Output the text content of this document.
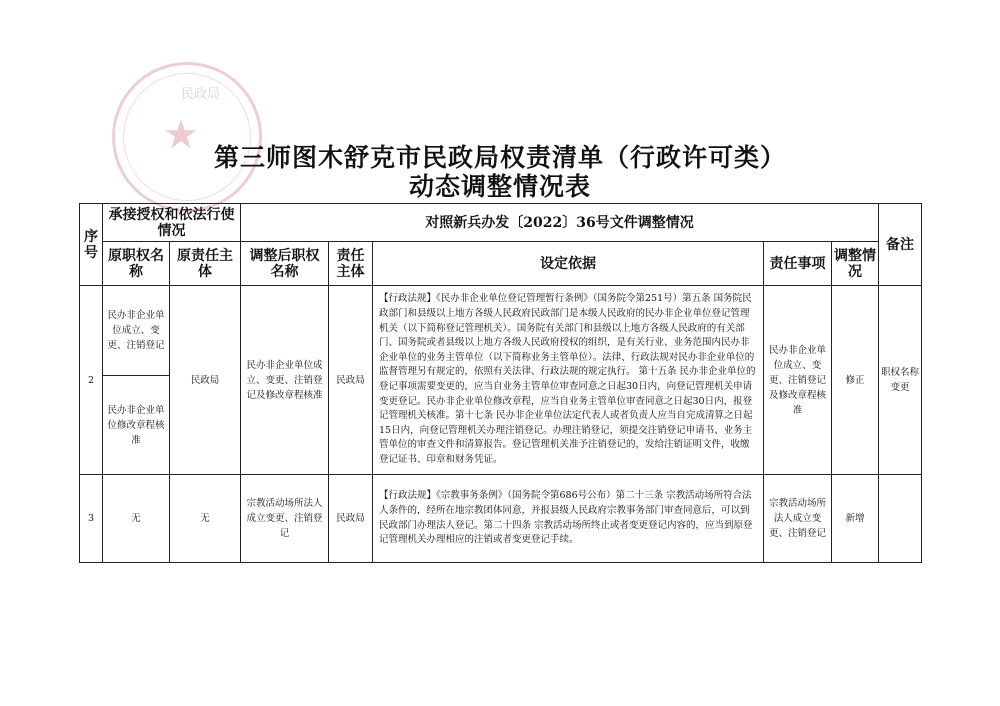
民政局
★ 第三师图木舒克市民政局权责清单（行政许可类）
动态调整情况表
序号	承接授权和依法行使情况		对照新兵办发〔2022〕36号文件调整情况					备注
	原职权名称	原责任主体	调整后职权名称	责任主体	设定依据	责任事项	调整情况	
2	民办非企业单位成立、变更、注销登记	民政局	民办非企业单位成立、变更、注销登记及修改章程核准	民政局	【行政法规】《民办非企业单位登记管理暂行条例》（国务院令第251号）第五条 国务院民政部门和县级以上地方各级人民政府民政部门是本级人民政府的民办非企业单位登记管理机关（以下简称登记管理机关）。国务院有关部门和县级以上地方各级人民政府的有关部门、国务院或者县级以上地方各级人民政府授权的组织，是有关行业、业务范围内民办非企业单位的业务主管单位（以下简称业务主管单位）。法律、行政法规对民办非企业单位的监督管理另有规定的，依照有关法律、行政法规的规定执行。 第十五条 民办非企业单位的登记事项需要变更的，应当自业务主管单位审查同意之日起30日内，向登记管理机关申请变更登记。民办非企业单位修改章程，应当自业务主管单位审查同意之日起30日内，报登记管理机关核准。第十七条 民办非企业单位法定代表人或者负责人应当自完成清算之日起15日内，向登记管理机关办理注销登记。办理注销登记，须提交注销登记申请书、业务主管单位的审查文件和清算报告。登记管理机关准予注销登记的，发给注销证明文件，收缴登记证书、印章和财务凭证。	民办非企业单位成立、变更、注销登记及修改章程核准	修正	职权名称变更
	民办非企业单位修改章程核准							
3	无	无	宗教活动场所法人成立变更、注销登记	民政局	【行政法规】《宗教事务条例》（国务院令第686号公布）第二十三条 宗教活动场所符合法人条件的，经所在地宗教团体同意，并报县级人民政府宗教事务部门审查同意后，可以到民政部门办理法人登记。第二十四条 宗教活动场所终止或者变更登记内容的，应当到原登记管理机关办理相应的注销或者变更登记手续。	宗教活动场所法人成立变更、注销登记	新增	
